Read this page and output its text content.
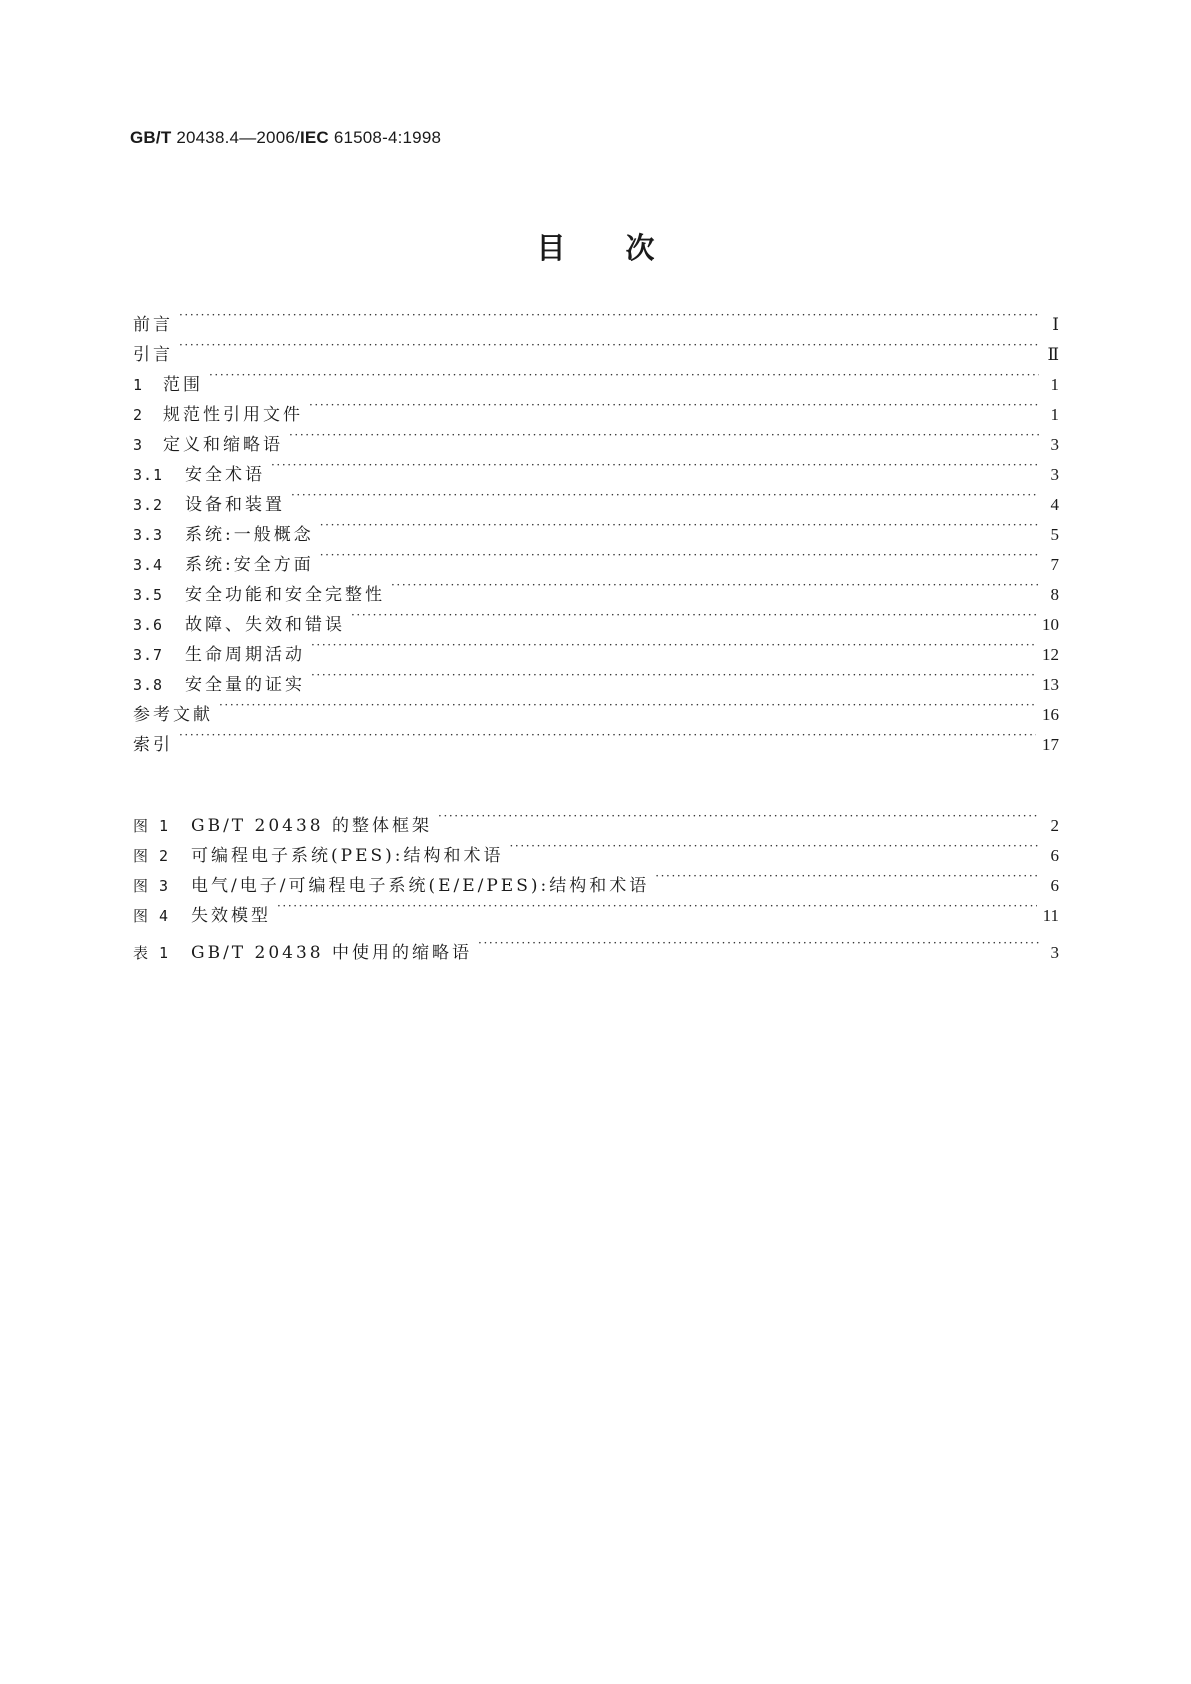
GB/T 20438.4—2006/IEC 61508-4:1998
目次
前言 ·····	Ⅰ
引言 ·····	Ⅱ
1	范围 ·····	1
2	规范性引用文件 ·····	1
3	定义和缩略语 ·····	3
3.1	安全术语 ·····	3
3.2	设备和装置 ·····	4
3.3	系统:一般概念 ·····	5
3.4	系统:安全方面 ·····	7
3.5	安全功能和安全完整性 ·····	8
3.6	故障、失效和错误 ·····	10
3.7	生命周期活动 ·····	12
3.8	安全量的证实 ·····	13
参考文献 ·····	16
索引 ·····	17
图 1	GB/T 20438 的整体框架 ·····	2
图 2	可编程电子系统(PES):结构和术语 ·····	6
图 3	电气/电子/可编程电子系统(E/E/PES):结构和术语 ·····	6
图 4	失效模型 ·····	11
表 1	GB/T 20438 中使用的缩略语 ·····	3
